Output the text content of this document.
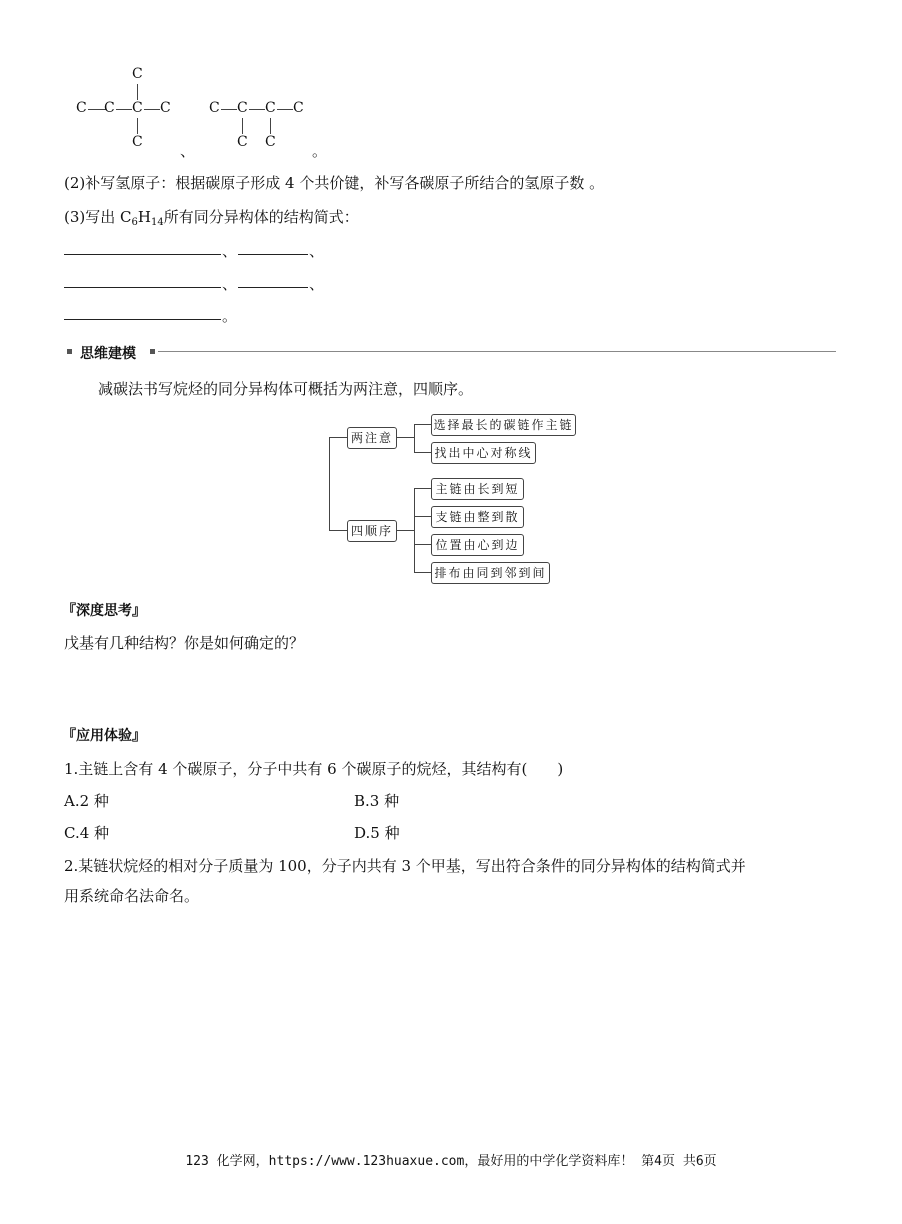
C
C C C C
C 、
C C C C
C C 。
(2)补写氢原子：根据碳原子形成 4 个共价键，补写各碳原子所结合的氢原子数 。
(3)写出 $C_6H_{14}$所有同分异构体的结构简式：
、	、
、	、
。
思维建模
减碳法书写烷烃的同分异构体可概括为两注意，四顺序。
两注意
选择最长的碳链作主链
找出中心对称线
四顺序
主链由长到短
支链由整到散
位置由心到边
排布由同到邻到间
『深度思考』
戊基有几种结构？你是如何确定的？
『应用体验』
1.主链上含有 4 个碳原子，分子中共有 6 个碳原子的烷烃，其结构有(　　)
A.2 种	B.3 种
C.4 种	D.5 种
2.某链状烷烃的相对分子质量为 100，分子内共有 3 个甲基，写出符合条件的同分异构体的结构简式并
用系统命名法命名。
123 化学网，https://www.123huaxue.com，最好用的中学化学资料库！ 第4页 共6页
